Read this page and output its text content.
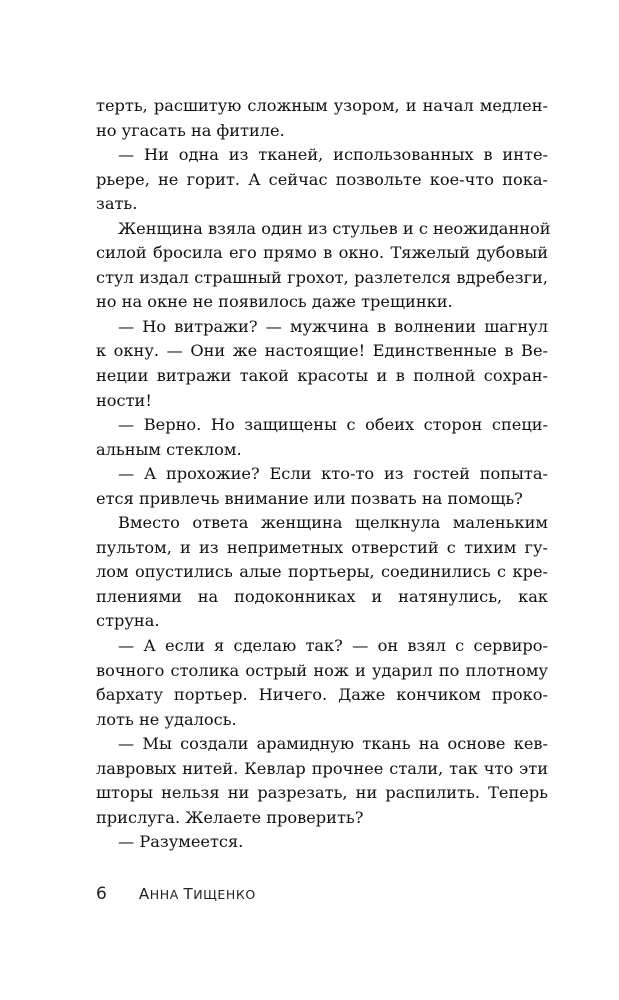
терть, расшитую сложным узором, и начал медлен-
но угасать на фитиле.
— Ни одна из тканей, использованных в инте-
рьере, не горит. А сейчас позвольте кое-что пока-
зать.
Женщина взяла один из стульев и с неожиданной
силой бросила его прямо в окно. Тяжелый дубовый
стул издал страшный грохот, разлетелся вдребезги,
но на окне не появилось даже трещинки.
— Но витражи? — мужчина в волнении шагнул
к окну. — Они же настоящие! Единственные в Ве-
неции витражи такой красоты и в полной сохран-
ности!
— Верно. Но защищены с обеих сторон специ-
альным стеклом.
— А прохожие? Если кто-то из гостей попыта-
ется привлечь внимание или позвать на помощь?
Вместо ответа женщина щелкнула маленьким
пультом, и из неприметных отверстий с тихим гу-
лом опустились алые портьеры, соединились с кре-
плениями на подоконниках и натянулись, как
струна.
— А если я сделаю так? — он взял с сервиро-
вочного столика острый нож и ударил по плотному
бархату портьер. Ничего. Даже кончиком проко-
лоть не удалось.
— Мы создали арамидную ткань на основе кев-
лавровых нитей. Кевлар прочнее стали, так что эти
шторы нельзя ни разрезать, ни распилить. Теперь
прислуга. Желаете проверить?
— Разумеется.
6 АННА ТИЩЕНКО
